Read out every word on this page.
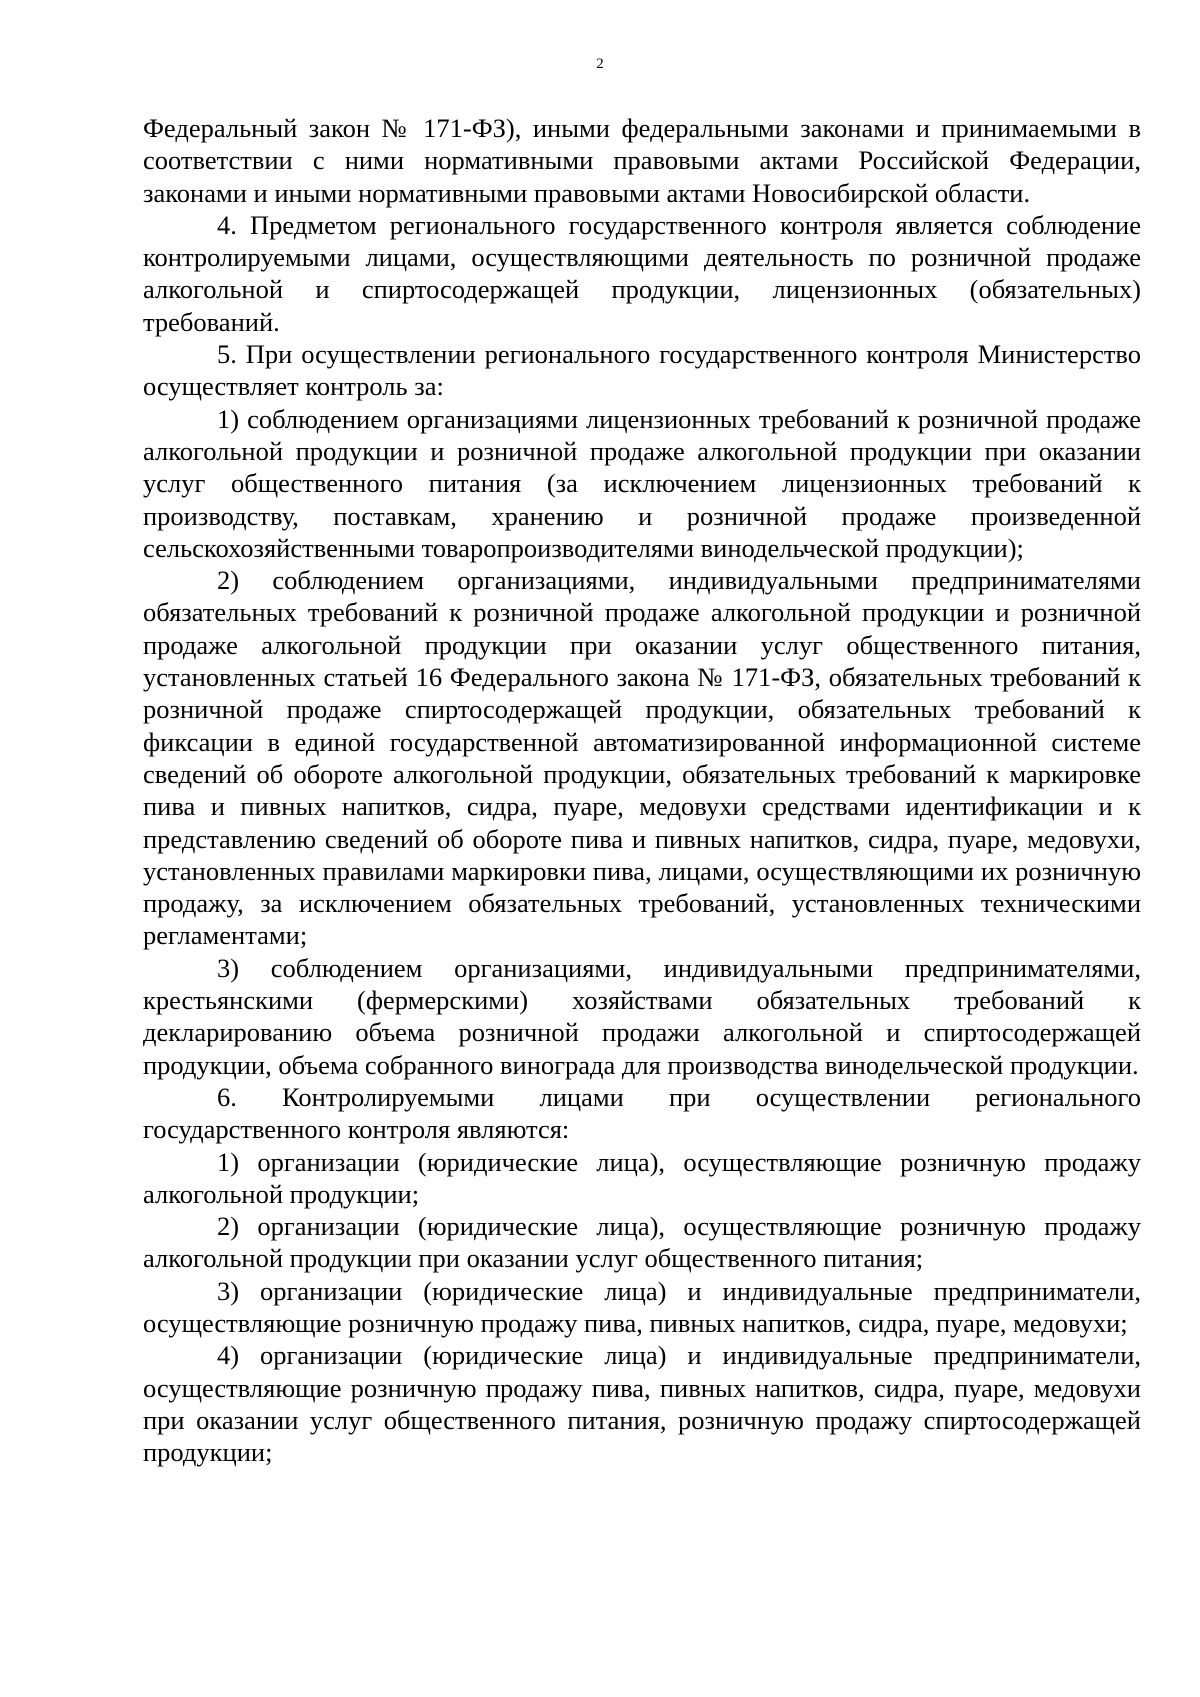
2

Федеральный закон № 171-ФЗ), иными федеральными законами и принимаемыми в соответствии с ними нормативными правовыми актами Российской Федерации, законами и иными нормативными правовыми актами Новосибирской области.

4. Предметом регионального государственного контроля является соблюдение контролируемыми лицами, осуществляющими деятельность по розничной продаже алкогольной и спиртосодержащей продукции, лицензионных (обязательных) требований.

5. При осуществлении регионального государственного контроля Министерство осуществляет контроль за:

1) соблюдением организациями лицензионных требований к розничной продаже алкогольной продукции и розничной продаже алкогольной продукции при оказании услуг общественного питания (за исключением лицензионных требований к производству, поставкам, хранению и розничной продаже произведенной сельскохозяйственными товаропроизводителями винодельческой продукции);

2) соблюдением организациями, индивидуальными предпринимателями обязательных требований к розничной продаже алкогольной продукции и розничной продаже алкогольной продукции при оказании услуг общественного питания, установленных статьей 16 Федерального закона № 171-ФЗ, обязательных требований к розничной продаже спиртосодержащей продукции, обязательных требований к фиксации в единой государственной автоматизированной информационной системе сведений об обороте алкогольной продукции, обязательных требований к маркировке пива и пивных напитков, сидра, пуаре, медовухи средствами идентификации и к представлению сведений об обороте пива и пивных напитков, сидра, пуаре, медовухи, установленных правилами маркировки пива, лицами, осуществляющими их розничную продажу, за исключением обязательных требований, установленных техническими регламентами;

3) соблюдением организациями, индивидуальными предпринимателями, крестьянскими (фермерскими) хозяйствами обязательных требований к декларированию объема розничной продажи алкогольной и спиртосодержащей продукции, объема собранного винограда для производства винодельческой продукции.

6. Контролируемыми лицами при осуществлении регионального государственного контроля являются:

1) организации (юридические лица), осуществляющие розничную продажу алкогольной продукции;

2) организации (юридические лица), осуществляющие розничную продажу алкогольной продукции при оказании услуг общественного питания;

3) организации (юридические лица) и индивидуальные предприниматели, осуществляющие розничную продажу пива, пивных напитков, сидра, пуаре, медовухи;

4) организации (юридические лица) и индивидуальные предприниматели, осуществляющие розничную продажу пива, пивных напитков, сидра, пуаре, медовухи при оказании услуг общественного питания, розничную продажу спиртосодержащей продукции;
